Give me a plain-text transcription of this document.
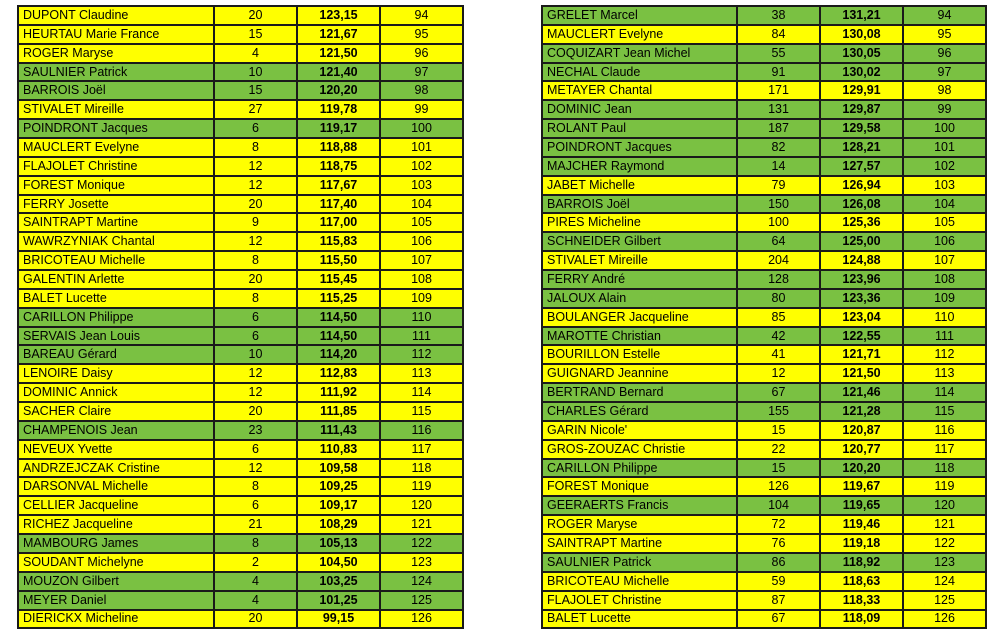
DUPONT Claudine	20	123,15	94
HEURTAU Marie France	15	121,67	95
ROGER Maryse	4	121,50	96
SAULNIER Patrick	10	121,40	97
BARROIS Joël	15	120,20	98
STIVALET Mireille	27	119,78	99
POINDRONT Jacques	6	119,17	100
MAUCLERT Evelyne	8	118,88	101
FLAJOLET Christine	12	118,75	102
FOREST Monique	12	117,67	103
FERRY Josette	20	117,40	104
SAINTRAPT Martine	9	117,00	105
WAWRZYNIAK Chantal	12	115,83	106
BRICOTEAU Michelle	8	115,50	107
GALENTIN Arlette	20	115,45	108
BALET Lucette	8	115,25	109
CARILLON Philippe	6	114,50	110
SERVAIS Jean Louis	6	114,50	111
BAREAU Gérard	10	114,20	112
LENOIRE Daisy	12	112,83	113
DOMINIC Annick	12	111,92	114
SACHER Claire	20	111,85	115
CHAMPENOIS Jean	23	111,43	116
NEVEUX Yvette	6	110,83	117
ANDRZEJCZAK Cristine	12	109,58	118
DARSONVAL Michelle	8	109,25	119
CELLIER Jacqueline	6	109,17	120
RICHEZ Jacqueline	21	108,29	121
MAMBOURG James	8	105,13	122
SOUDANT Michelyne	2	104,50	123
MOUZON Gilbert	4	103,25	124
MEYER Daniel	4	101,25	125
DIERICKX Micheline	20	99,15	126
GRELET Marcel	38	131,21	94
MAUCLERT Evelyne	84	130,08	95
COQUIZART Jean Michel	55	130,05	96
NECHAL Claude	91	130,02	97
METAYER Chantal	171	129,91	98
DOMINIC Jean	131	129,87	99
ROLANT Paul	187	129,58	100
POINDRONT Jacques	82	128,21	101
MAJCHER Raymond	14	127,57	102
JABET Michelle	79	126,94	103
BARROIS Joël	150	126,08	104
PIRES Micheline	100	125,36	105
SCHNEIDER Gilbert	64	125,00	106
STIVALET Mireille	204	124,88	107
FERRY André	128	123,96	108
JALOUX Alain	80	123,36	109
BOULANGER Jacqueline	85	123,04	110
MAROTTE Christian	42	122,55	111
BOURILLON Estelle	41	121,71	112
GUIGNARD Jeannine	12	121,50	113
BERTRAND Bernard	67	121,46	114
CHARLES Gérard	155	121,28	115
GARIN Nicole'	15	120,87	116
GROS-ZOUZAC Christie	22	120,77	117
CARILLON Philippe	15	120,20	118
FOREST Monique	126	119,67	119
GEERAERTS Francis	104	119,65	120
ROGER Maryse	72	119,46	121
SAINTRAPT Martine	76	119,18	122
SAULNIER Patrick	86	118,92	123
BRICOTEAU Michelle	59	118,63	124
FLAJOLET Christine	87	118,33	125
BALET Lucette	67	118,09	126
